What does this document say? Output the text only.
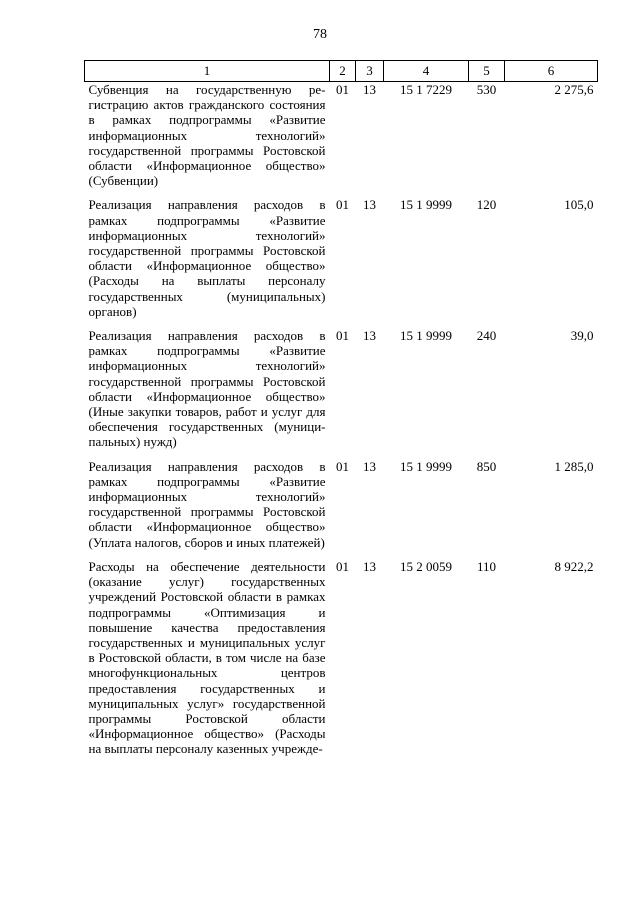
78
1	2	3	4	5	6
Субвенция на государственную регистрацию актов гражданского состояния в рамках подпрограммы «Развитие информационных технологий» государственной программы Ростовской области «Информационное общество» (Субвенции)	01	13	15 1 7229	530	2 275,6
Реализация направления расходов в рамках подпрограммы «Развитие информационных технологий» государственной программы Ростовской области «Информационное общество» (Расходы на выплаты персоналу государственных (муниципальных) органов)	01	13	15 1 9999	120	105,0
Реализация направления расходов в рамках подпрограммы «Развитие информационных технологий» государственной программы Ростовской области «Информационное общество» (Иные закупки товаров, работ и услуг для обеспечения государственных (муниципальных) нужд)	01	13	15 1 9999	240	39,0
Реализация направления расходов в рамках подпрограммы «Развитие информационных технологий» государственной программы Ростовской области «Информационное общество» (Уплата налогов, сборов и иных платежей)	01	13	15 1 9999	850	1 285,0
Расходы на обеспечение деятельности (оказание услуг) государственных учреждений Ростовской области в рамках подпрограммы «Оптимизация и повышение качества предоставления государственных и муниципальных услуг в Ростовской области, в том числе на базе многофункциональных центров предоставления государственных и муниципальных услуг» государственной программы Ростовской области «Информационное общество» (Расходы на выплаты персоналу казенных учрежде-	01	13	15 2 0059	110	8 922,2
